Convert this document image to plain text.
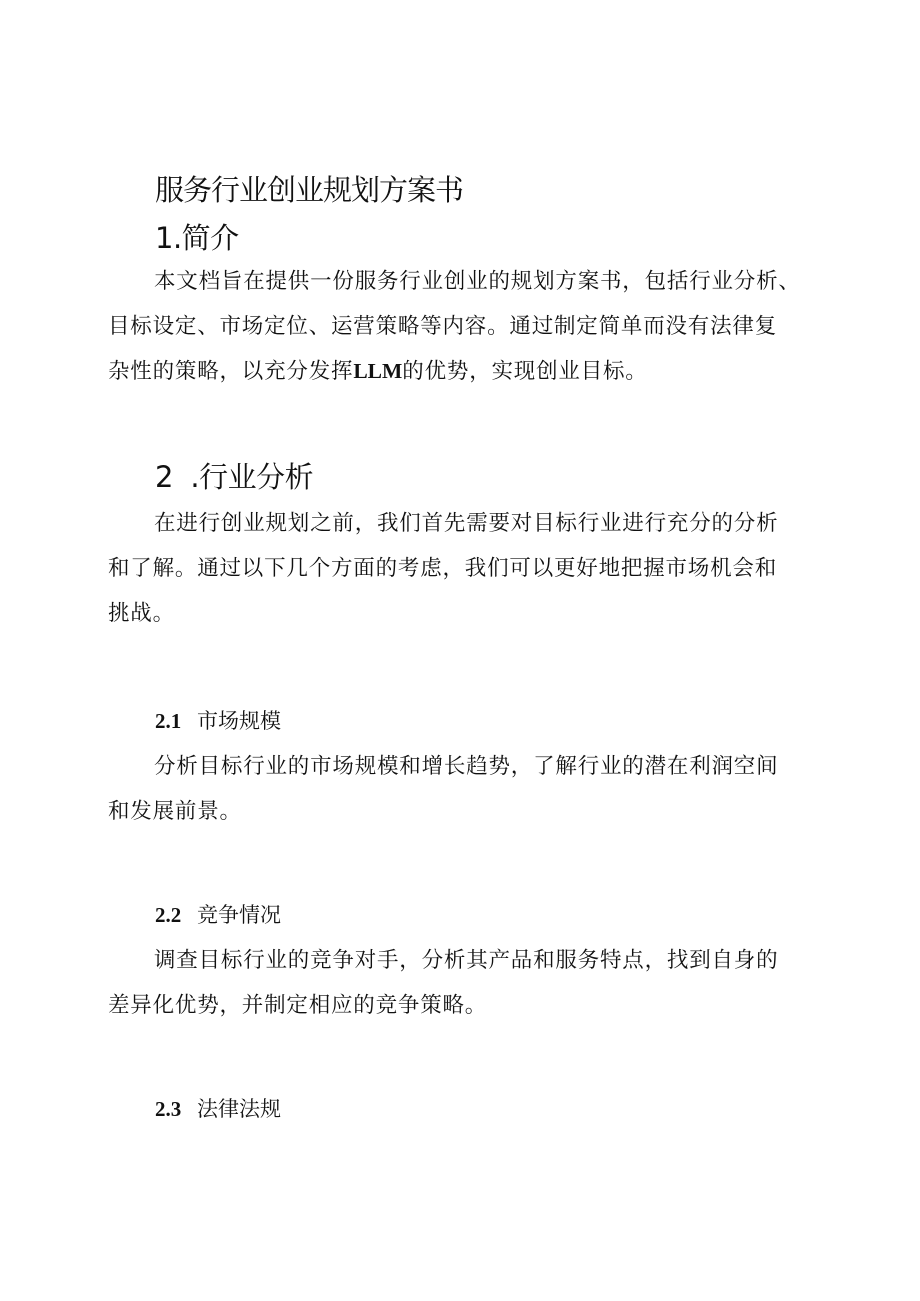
服务行业创业规划方案书
1.简介
本文档旨在提供一份服务行业创业的规划方案书，包括行业分析、
目标设定、市场定位、运营策略等内容。通过制定简单而没有法律复
杂性的策略，以充分发挥LLM的优势，实现创业目标。
2  .行业分析
在进行创业规划之前，我们首先需要对目标行业进行充分的分析
和了解。通过以下几个方面的考虑，我们可以更好地把握市场机会和
挑战。
2.1 市场规模
分析目标行业的市场规模和增长趋势，了解行业的潜在利润空间
和发展前景。
2.2 竞争情况
调查目标行业的竞争对手，分析其产品和服务特点，找到自身的
差异化优势，并制定相应的竞争策略。
2.3 法律法规
